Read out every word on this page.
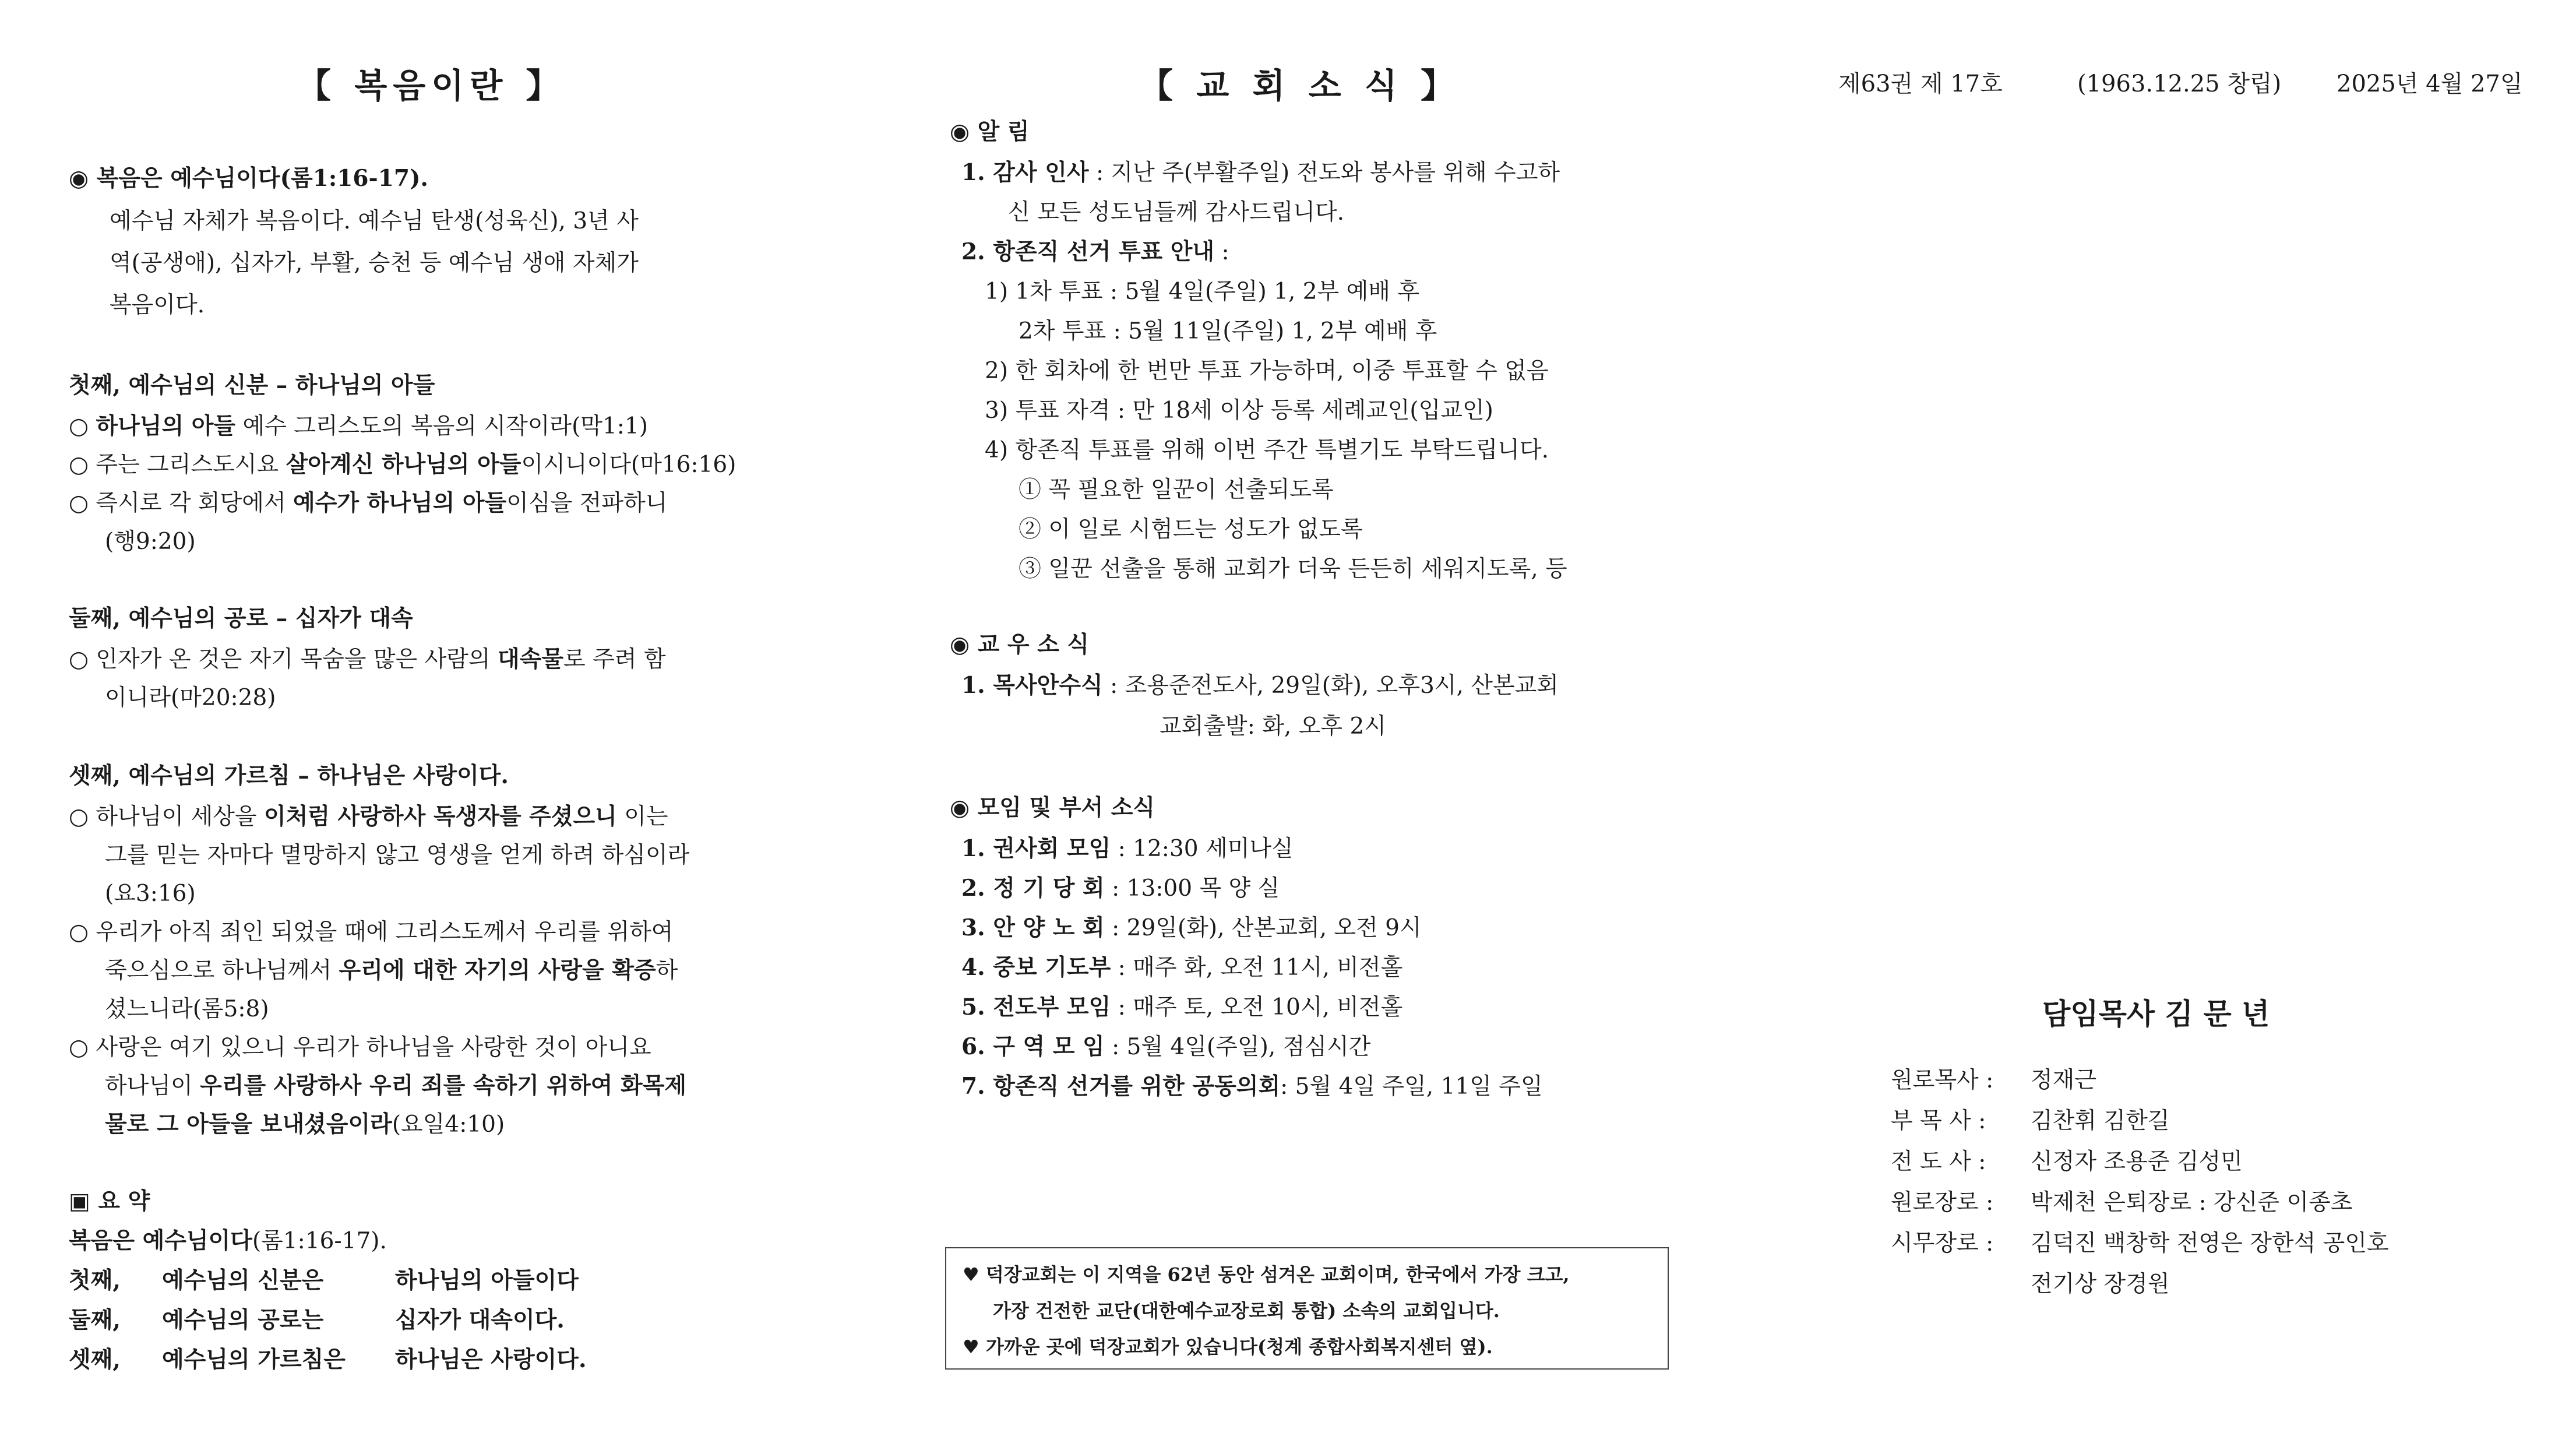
【 복음이란 】
◉ 복음은 예수님이다(롬1:16-17).
예수님 자체가 복음이다. 예수님 탄생(성육신), 3년 사
역(공생애), 십자가, 부활, 승천 등 예수님 생애 자체가
복음이다.
첫째, 예수님의 신분 – 하나님의 아들
○ 하나님의 아들 예수 그리스도의 복음의 시작이라(막1:1)
○ 주는 그리스도시요 살아계신 하나님의 아들이시니이다(마16:16)
○ 즉시로 각 회당에서 예수가 하나님의 아들이심을 전파하니
(행9:20)
둘째, 예수님의 공로 – 십자가 대속
○ 인자가 온 것은 자기 목숨을 많은 사람의 대속물로 주려 함
이니라(마20:28)
셋째, 예수님의 가르침 – 하나님은 사랑이다.
○ 하나님이 세상을 이처럼 사랑하사 독생자를 주셨으니 이는
그를 믿는 자마다 멸망하지 않고 영생을 얻게 하려 하심이라
(요3:16)
○ 우리가 아직 죄인 되었을 때에 그리스도께서 우리를 위하여
죽으심으로 하나님께서 우리에 대한 자기의 사랑을 확증하
셨느니라(롬5:8)
○ 사랑은 여기 있으니 우리가 하나님을 사랑한 것이 아니요
하나님이 우리를 사랑하사 우리 죄를 속하기 위하여 화목제
물로 그 아들을 보내셨음이라(요일4:10)
▣ 요 약
복음은 예수님이다(롬1:16-17).
첫째, 예수님의 신분은	하나님의 아들이다
둘째, 예수님의 공로는	십자가 대속이다.
셋째, 예수님의 가르침은 하나님은 사랑이다.
【 교 회 소 식 】
◉ 알 림
1. 감사 인사 : 지난 주(부활주일) 전도와 봉사를 위해 수고하
신 모든 성도님들께 감사드립니다.
2. 항존직 선거 투표 안내 :
1) 1차 투표 : 5월 4일(주일) 1, 2부 예배 후
2차 투표 : 5월 11일(주일) 1, 2부 예배 후
2) 한 회차에 한 번만 투표 가능하며, 이중 투표할 수 없음
3) 투표 자격 : 만 18세 이상 등록 세례교인(입교인)
4) 항존직 투표를 위해 이번 주간 특별기도 부탁드립니다.
① 꼭 필요한 일꾼이 선출되도록
② 이 일로 시험드는 성도가 없도록
③ 일꾼 선출을 통해 교회가 더욱 든든히 세워지도록, 등
◉ 교 우 소 식
1. 목사안수식 : 조용준전도사, 29일(화), 오후3시, 산본교회
교회출발: 화, 오후 2시
◉ 모임 및 부서 소식
1. 권사회 모임 : 12:30 세미나실
2. 정 기 당 회 : 13:00 목 양 실
3. 안 양 노 회 : 29일(화), 산본교회, 오전 9시
4. 중보 기도부 : 매주 화, 오전 11시, 비전홀
5. 전도부 모임 : 매주 토, 오전 10시, 비전홀
6. 구 역 모 임 : 5월 4일(주일), 점심시간
7. 항존직 선거를 위한 공동의회: 5월 4일 주일, 11일 주일
♥ 덕장교회는 이 지역을 62년 동안 섬겨온 교회이며, 한국에서 가장 크고,
가장 건전한 교단(대한예수교장로회 통합) 소속의 교회입니다.
♥ 가까운 곳에 덕장교회가 있습니다(청계 종합사회복지센터 옆).
제63권 제 17호	(1963.12.25 창립) 2025년 4월 27일
담임목사 김 문 년
원로목사 : 정재근
부 목 사 : 김찬휘 김한길
전 도 사 : 신정자 조용준 김성민
원로장로 : 박제천 은퇴장로 : 강신준 이종초
시무장로 : 김덕진 백창학 전영은 장한석 공인호
전기상 장경원
